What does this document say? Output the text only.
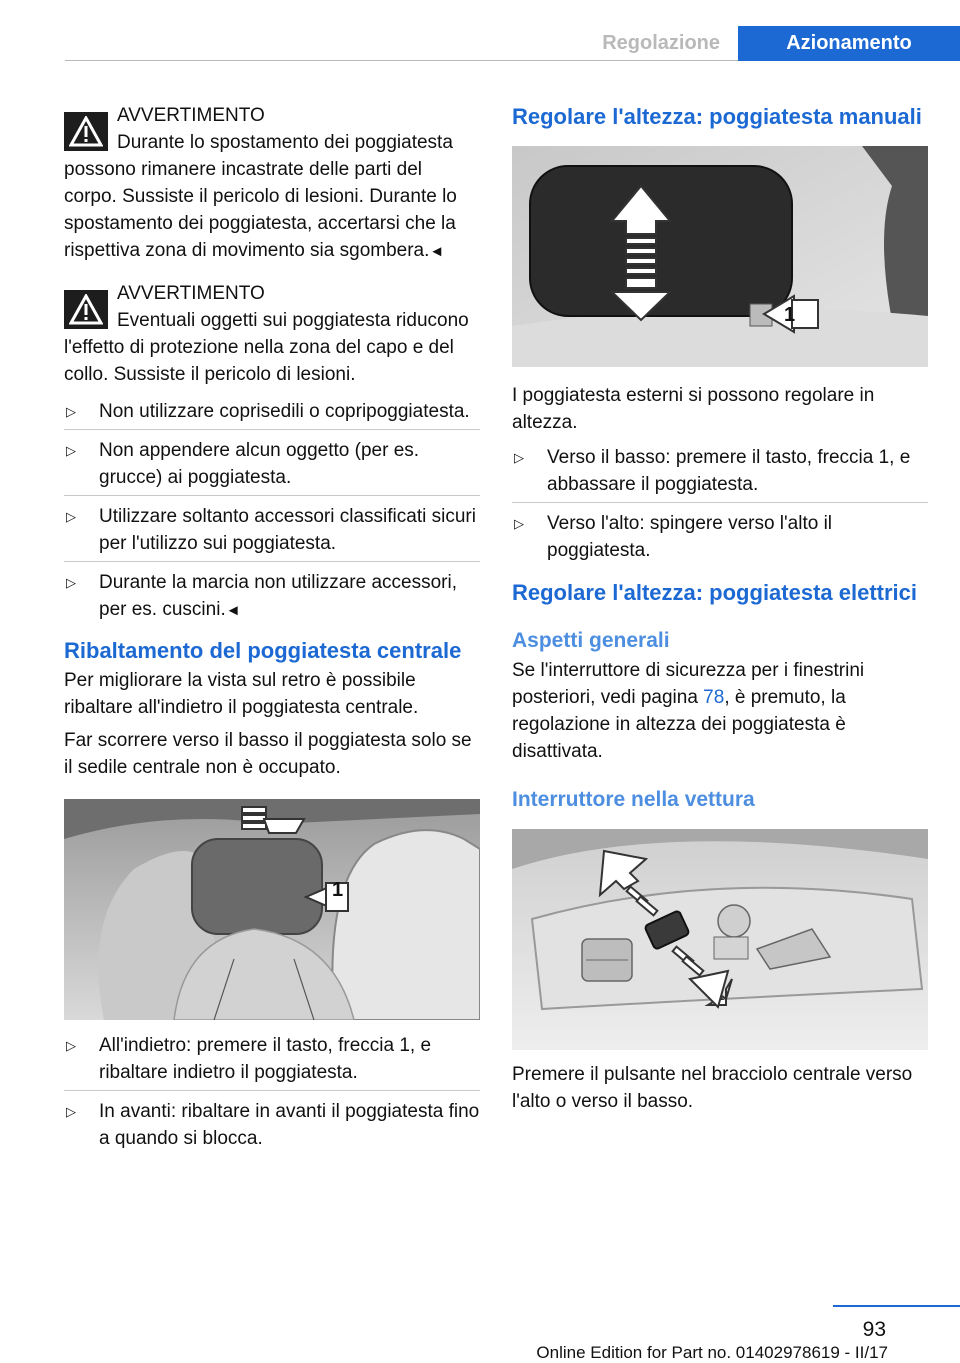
Regolazione	Azionamento
AVVERTIMENTO
Durante lo spostamento dei poggiatesta possono rimanere incastrate delle parti del corpo. Sussiste il pericolo di lesioni. Durante lo spostamento dei poggiatesta, accertarsi che la rispettiva zona di movimento sia sgombera.◄
AVVERTIMENTO
Eventuali oggetti sui poggiatesta riducono l'effetto di protezione nella zona del capo e del collo. Sussiste il pericolo di lesioni.
▷ Non utilizzare coprisedili o copripoggiatesta.
▷ Non appendere alcun oggetto (per es. grucce) ai poggiatesta.
▷ Utilizzare soltanto accessori classificati sicuri per l'utilizzo sui poggiatesta.
▷ Durante la marcia non utilizzare accessori, per es. cuscini.◄
Ribaltamento del poggiatesta centrale

Per migliorare la vista sul retro è possibile ribaltare all'indietro il poggiatesta centrale.

Far scorrere verso il basso il poggiatesta solo se il sedile centrale non è occupato.

1
▷ All'indietro: premere il tasto, freccia 1, e ribaltare indietro il poggiatesta.
▷ In avanti: ribaltare in avanti il poggiatesta fino a quando si blocca.
Regolare l'altezza: poggiatesta manuali
1

I poggiatesta esterni si possono regolare in altezza.

▷ Verso il basso: premere il tasto, freccia 1, e abbassare il poggiatesta.
▷ Verso l'alto: spingere verso l'alto il poggiatesta.
Regolare l'altezza: poggiatesta elettrici
Aspetti generali

Se l'interruttore di sicurezza per i finestrini posteriori, vedi pagina 78, è premuto, la regolazione in altezza dei poggiatesta è disattivata.

Interruttore nella vettura

Premere il pulsante nel bracciolo centrale verso l'alto o verso il basso.

93
Online Edition for Part no. 01402978619 - II/17
